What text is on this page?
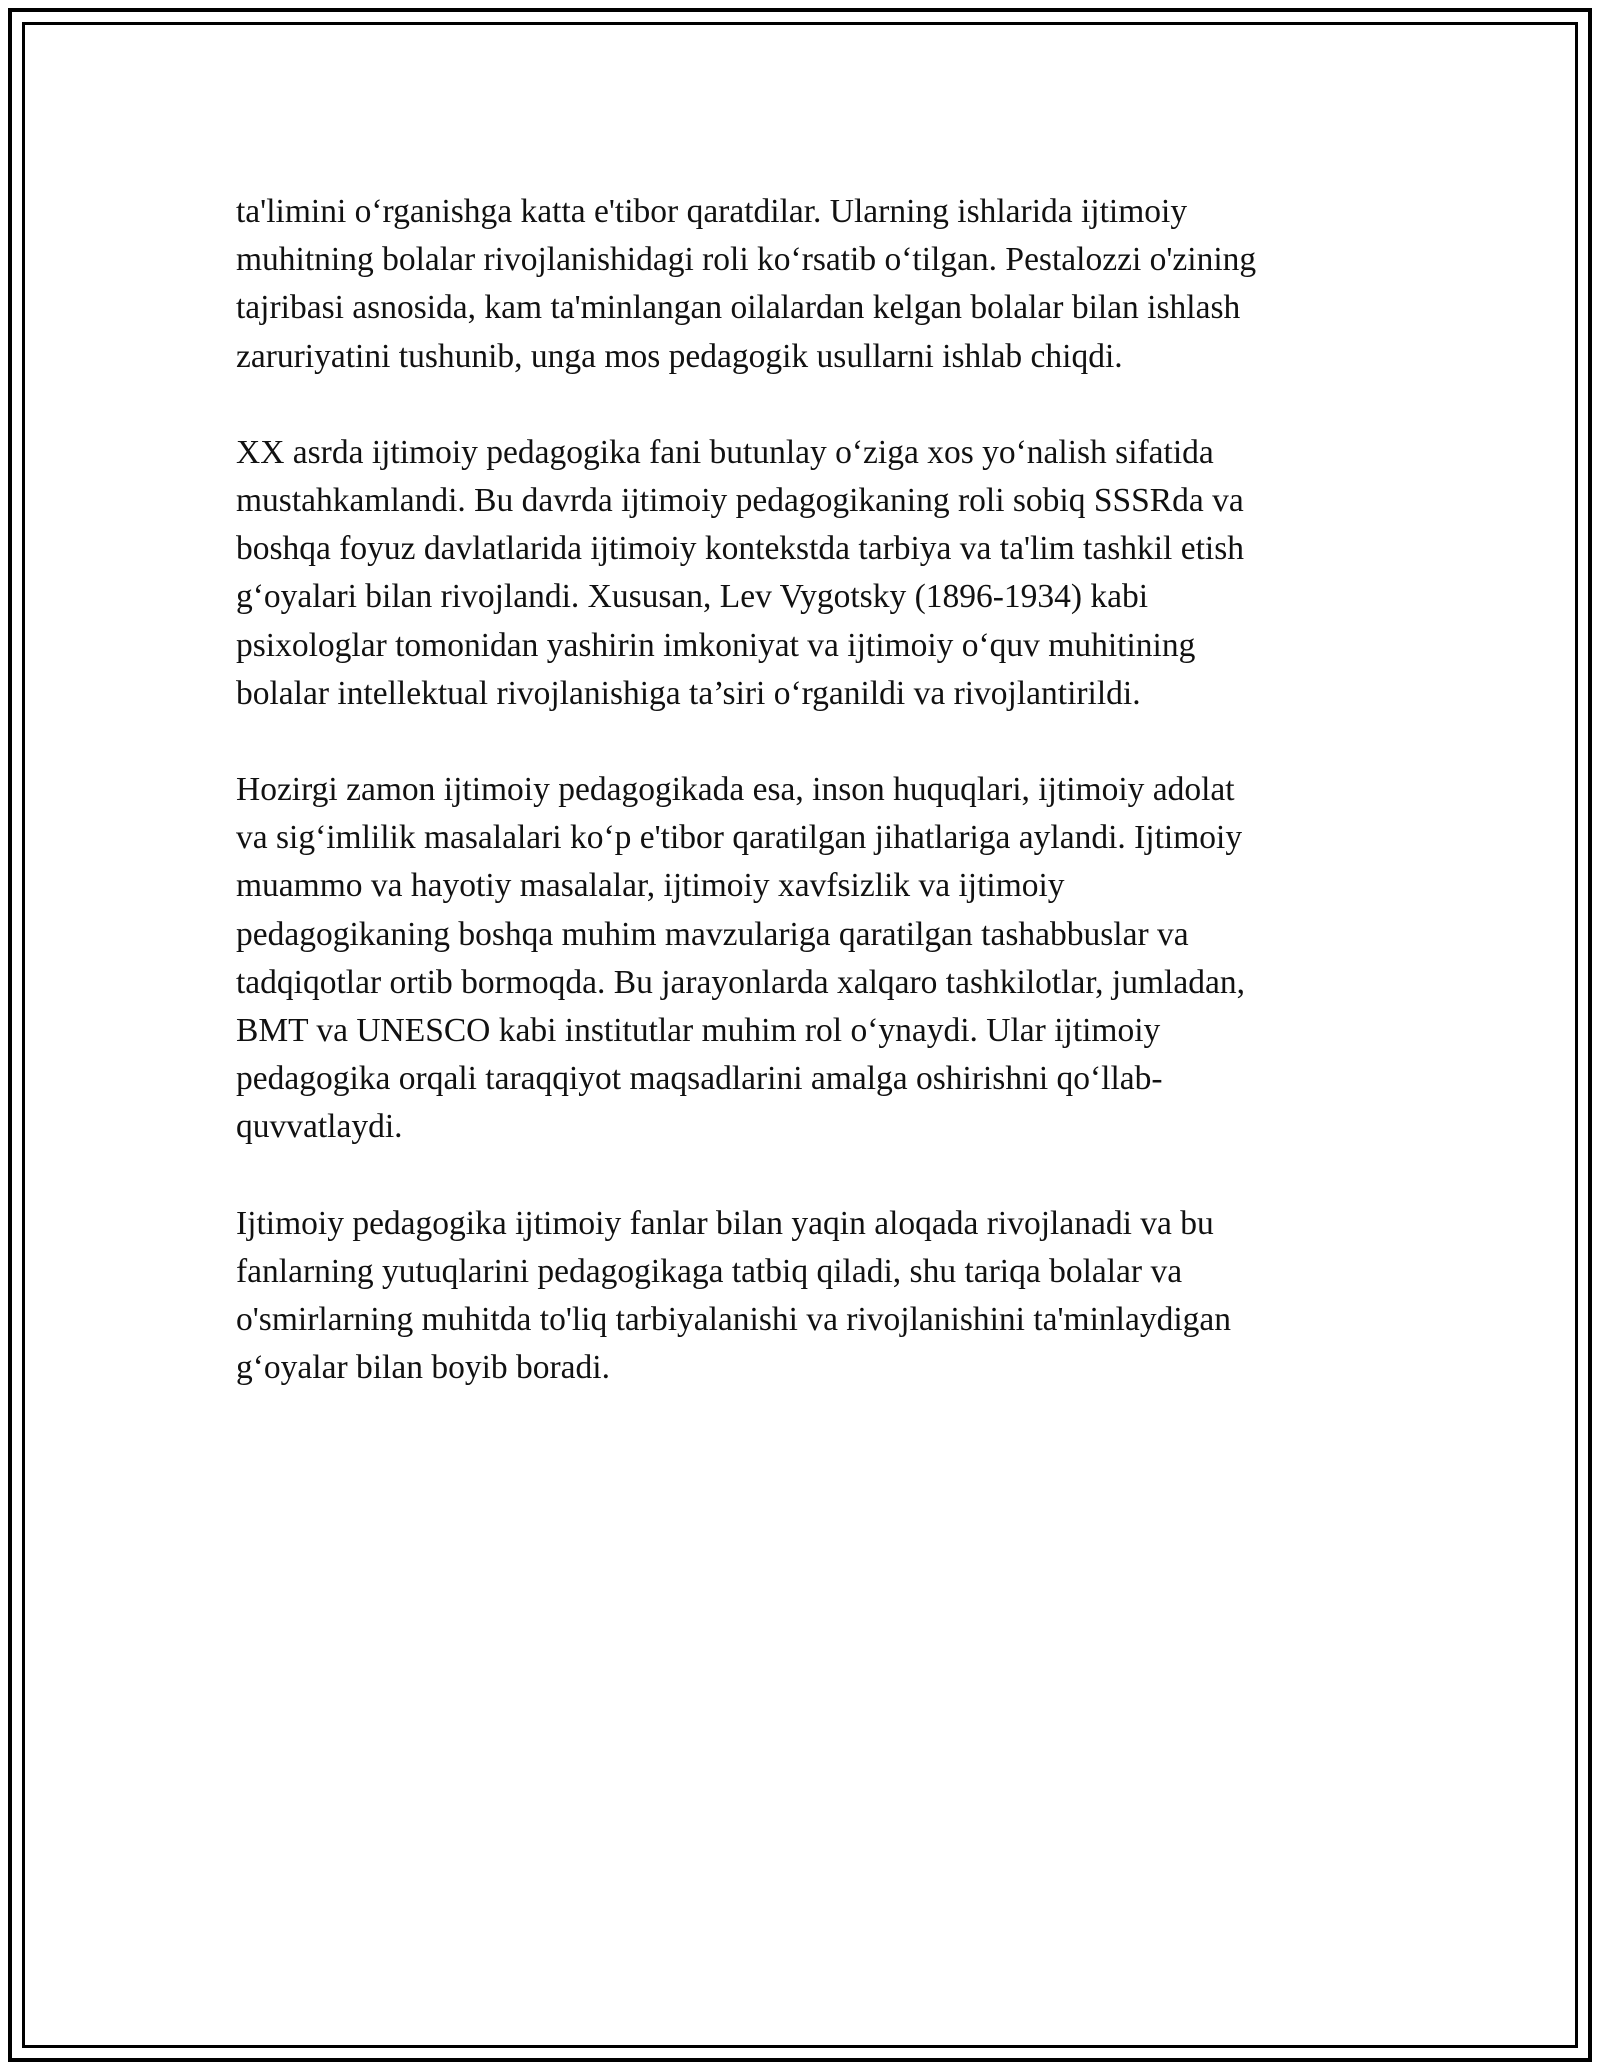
ta'limini o‘rganishga katta e'tibor qaratdilar. Ularning ishlarida ijtimoiy
muhitning bolalar rivojlanishidagi roli ko‘rsatib o‘tilgan. Pestalozzi o'zining
tajribasi asnosida, kam ta'minlangan oilalardan kelgan bolalar bilan ishlash
zaruriyatini tushunib, unga mos pedagogik usullarni ishlab chiqdi.

XX asrda ijtimoiy pedagogika fani butunlay o‘ziga xos yo‘nalish sifatida
mustahkamlandi. Bu davrda ijtimoiy pedagogikaning roli sobiq SSSRda va
boshqa foyuz davlatlarida ijtimoiy kontekstda tarbiya va ta'lim tashkil etish
g‘oyalari bilan rivojlandi. Xususan, Lev Vygotsky (1896-1934) kabi
psixologlar tomonidan yashirin imkoniyat va ijtimoiy o‘quv muhitining
bolalar intellektual rivojlanishiga ta’siri o‘rganildi va rivojlantirildi.

Hozirgi zamon ijtimoiy pedagogikada esa, inson huquqlari, ijtimoiy adolat
va sig‘imlilik masalalari ko‘p e'tibor qaratilgan jihatlariga aylandi. Ijtimoiy
muammo va hayotiy masalalar, ijtimoiy xavfsizlik va ijtimoiy
pedagogikaning boshqa muhim mavzulariga qaratilgan tashabbuslar va
tadqiqotlar ortib bormoqda. Bu jarayonlarda xalqaro tashkilotlar, jumladan,
BMT va UNESCO kabi institutlar muhim rol o‘ynaydi. Ular ijtimoiy
pedagogika orqali taraqqiyot maqsadlarini amalga oshirishni qo‘llab-
quvvatlaydi.

Ijtimoiy pedagogika ijtimoiy fanlar bilan yaqin aloqada rivojlanadi va bu
fanlarning yutuqlarini pedagogikaga tatbiq qiladi, shu tariqa bolalar va
o'smirlarning muhitda to'liq tarbiyalanishi va rivojlanishini ta'minlaydigan
g‘oyalar bilan boyib boradi.
